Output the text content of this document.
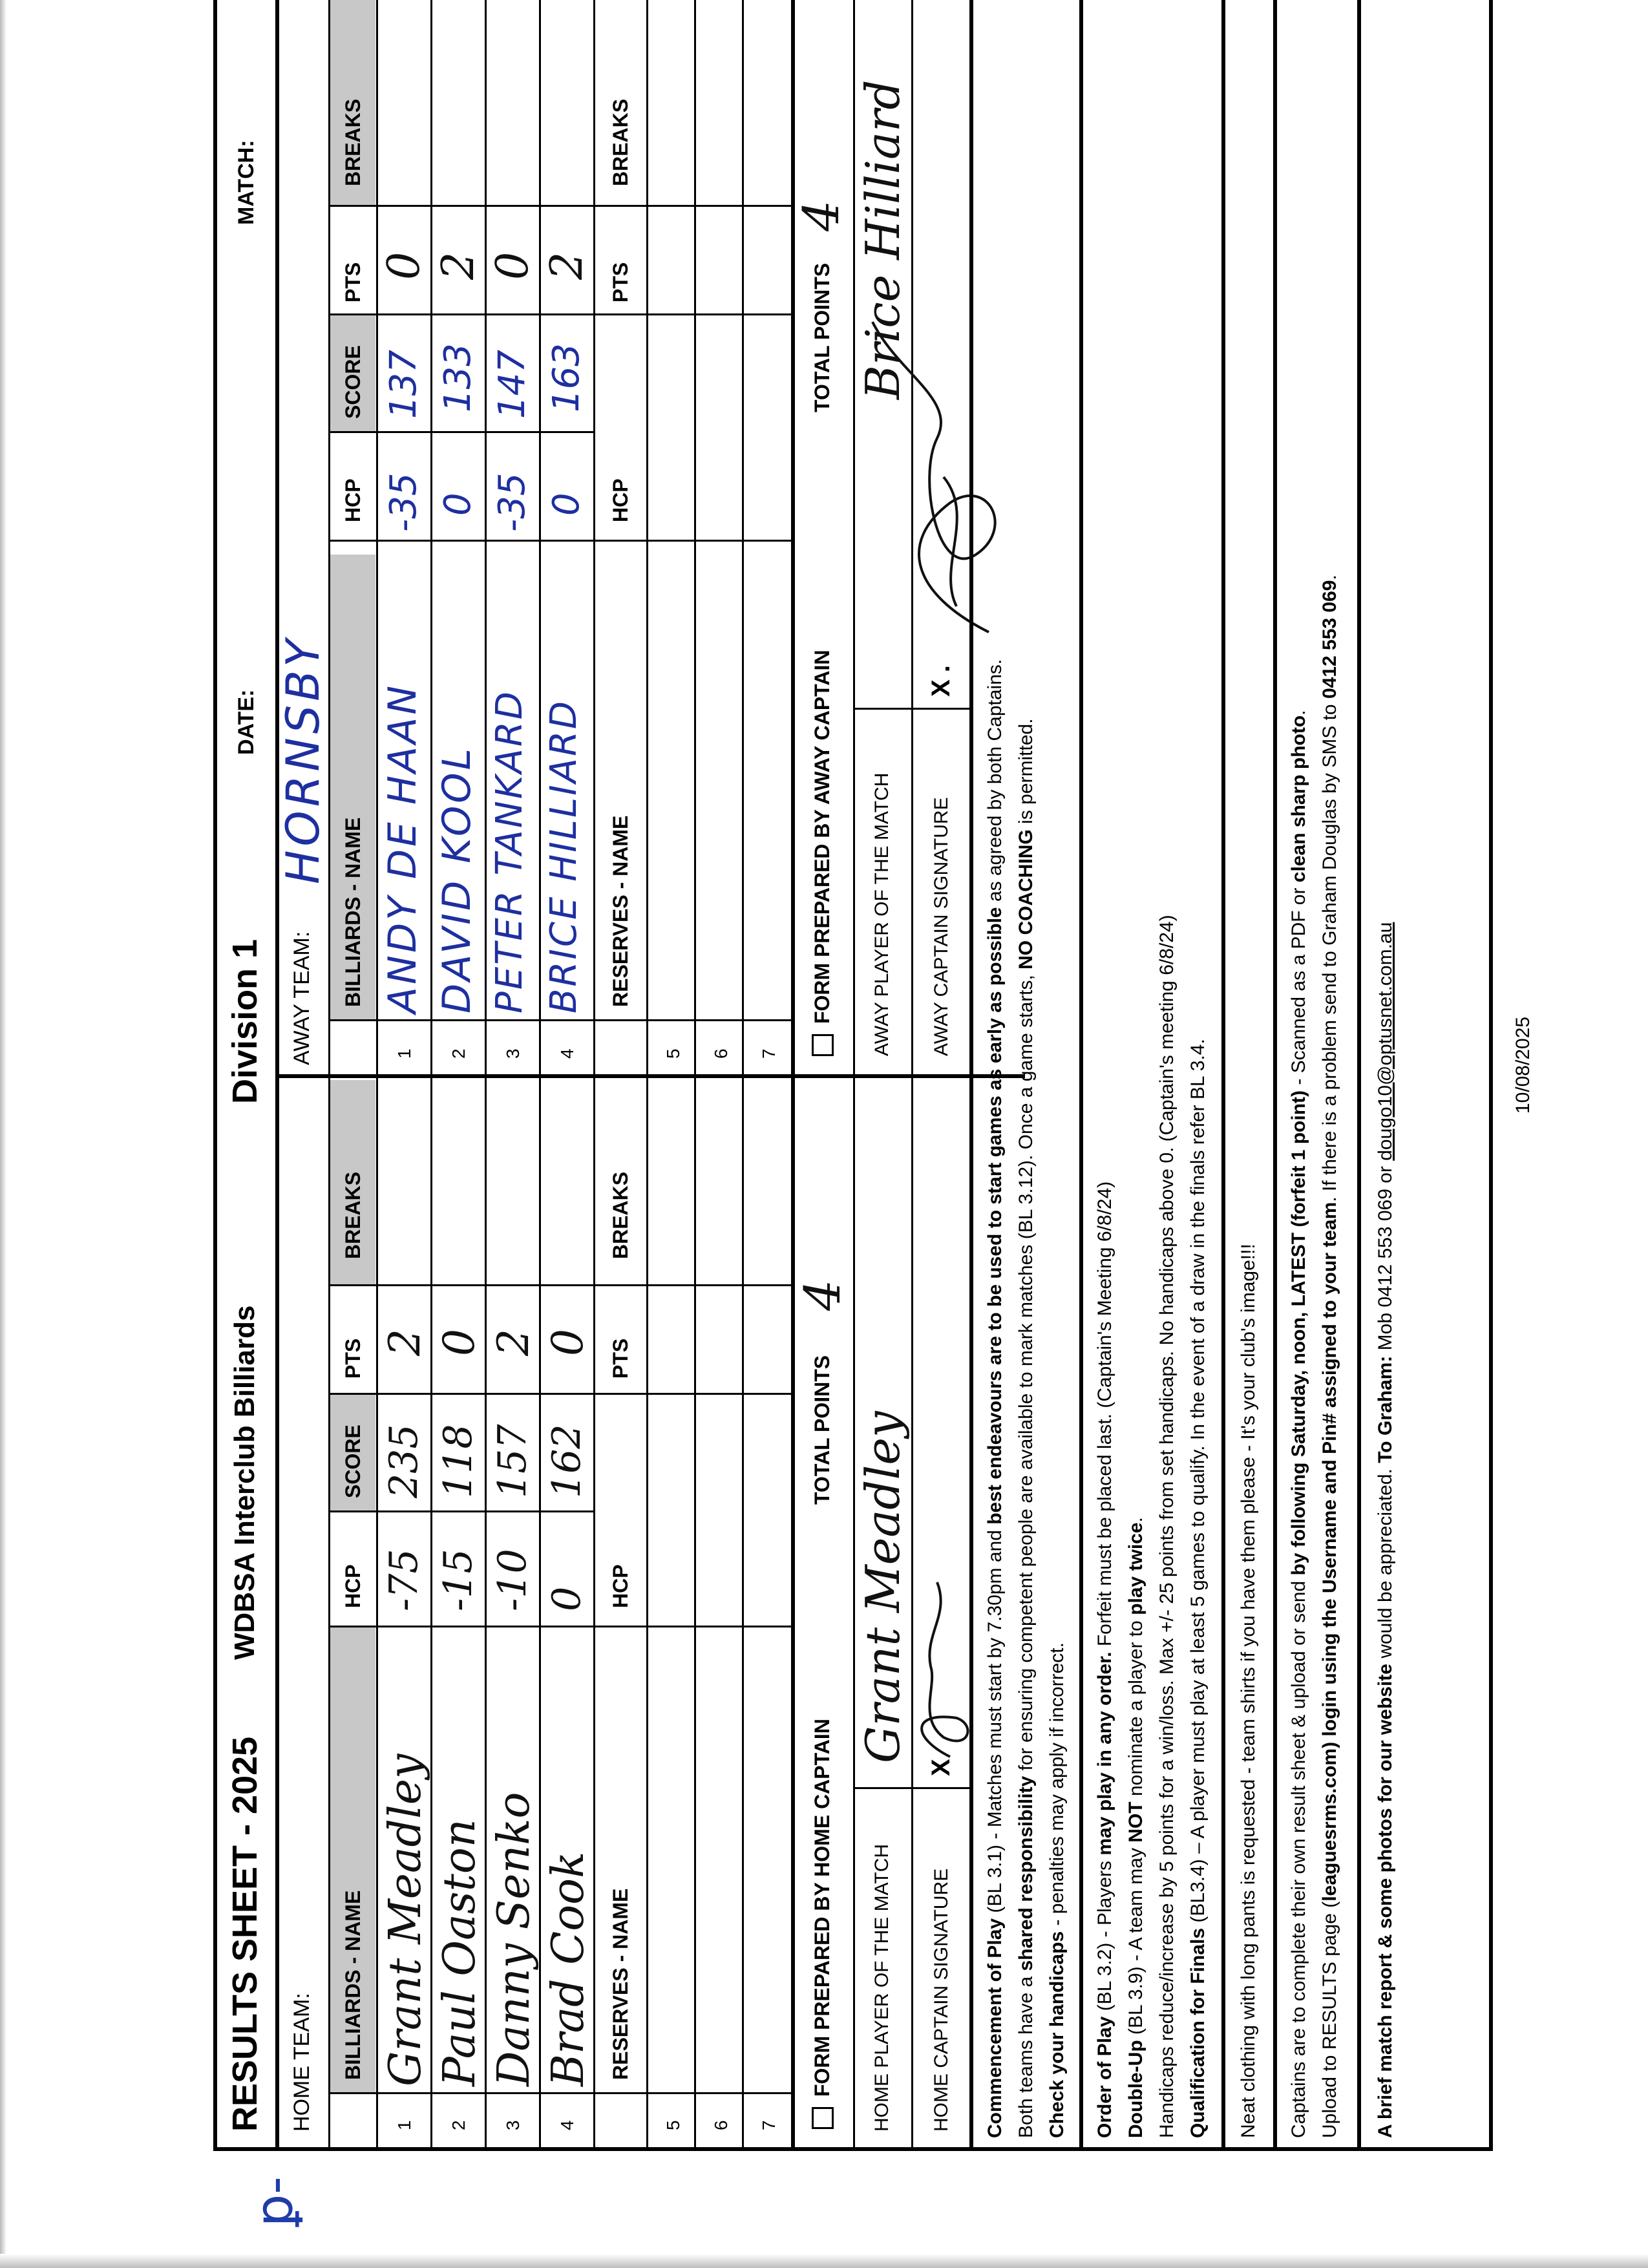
ꝑ-
RESULTS SHEET - 2025
WDBSA Interclub Billiards
Division 1
DATE:
MATCH:
HOME TEAM:
AWAY TEAM:
HORNSBY
BILLIARDS - NAME
HCP
SCORE
PTS
BREAKS
BILLIARDS - NAME
HCP
SCORE
PTS
BREAKS
1
Grant Meadley
-75
235
2
2
Paul Oaston
-15
118
0
3
Danny Senko
-10
157
2
4
Brad Cook
0
162
0
1
ANDY DE HAAN
-35
137
0
2
DAVID KOOL
0
133
2
3
PETER TANKARD
-35
147
0
4
BRICE HILLIARD
0
163
2
RESERVES - NAME
HCP
PTS
BREAKS
RESERVES - NAME
HCP
PTS
BREAKS
5
5
6
6
7
7
FORM PREPARED BY HOME CAPTAIN
TOTAL POINTS
4
FORM PREPARED BY AWAY CAPTAIN
TOTAL POINTS
4
HOME PLAYER OF THE MATCH
Grant Meadley
AWAY PLAYER OF THE MATCH
Brice Hilliard
HOME CAPTAIN SIGNATURE
X
AWAY CAPTAIN SIGNATURE
X .

Commencement of Play (BL 3.1) - Matches must start by 7.30pm and best endeavours are to be used to start games as early as possible as agreed by both Captains.

Both teams have a shared responsibility for ensuring competent people are available to mark matches (BL 3.12). Once a game starts, NO COACHING is permitted.

Check your handicaps - penalties may apply if incorrect.

Order of Play (BL 3.2) - Players may play in any order. Forfeit must be placed last. (Captain's Meeting 6/8/24)

Double-Up (BL 3.9) - A team may NOT nominate a player to play twice. Handicaps reduce/increase by 5 points for a win/loss. Max +/- 25 points from set handicaps. No handicaps above 0. (Captain's meeting 6/8/24) Qualification for Finals (BL3.4) – A player must play at least 5 games to qualify. In the event of a draw in the finals refer BL 3.4. Neat clothing with long pants is requested - team shirts if you have them please - It's your club's image!!! Captains are to complete their own result sheet & upload or send by following Saturday, noon, LATEST (forfeit 1 point) - Scanned as a PDF or clean sharp photo.

Upload to RESULTS page (leaguesrms.com) login using the Username and Pin# assigned to your team. If there is a problem send to Graham Douglas by SMS to 0412 553 069.

A brief match report & some photos for our website would be appreciated. To Graham: Mob 0412 553 069 or dougo10@optusnet.com.au	10/08/2025
